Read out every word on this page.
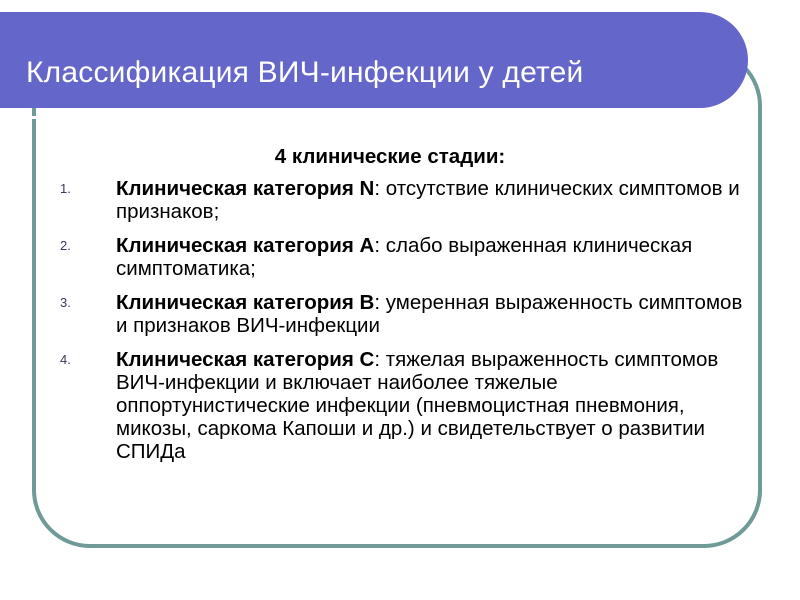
Классификация ВИЧ-инфекции у детей
4 клинические стадии:
1. Клиническая категория N: отсутствие клинических симптомов и признаков;
2. Клиническая категория A: слабо выраженная клиническая симптоматика;
3. Клиническая категория B: умеренная выраженность симптомов и признаков ВИЧ-инфекции
4. Клиническая категория C: тяжелая выраженность симптомов ВИЧ-инфекции и включает наиболее тяжелые оппортунистические инфекции (пневмоцистная пневмония, микозы, саркома Капоши и др.) и свидетельствует о развитии СПИДа
